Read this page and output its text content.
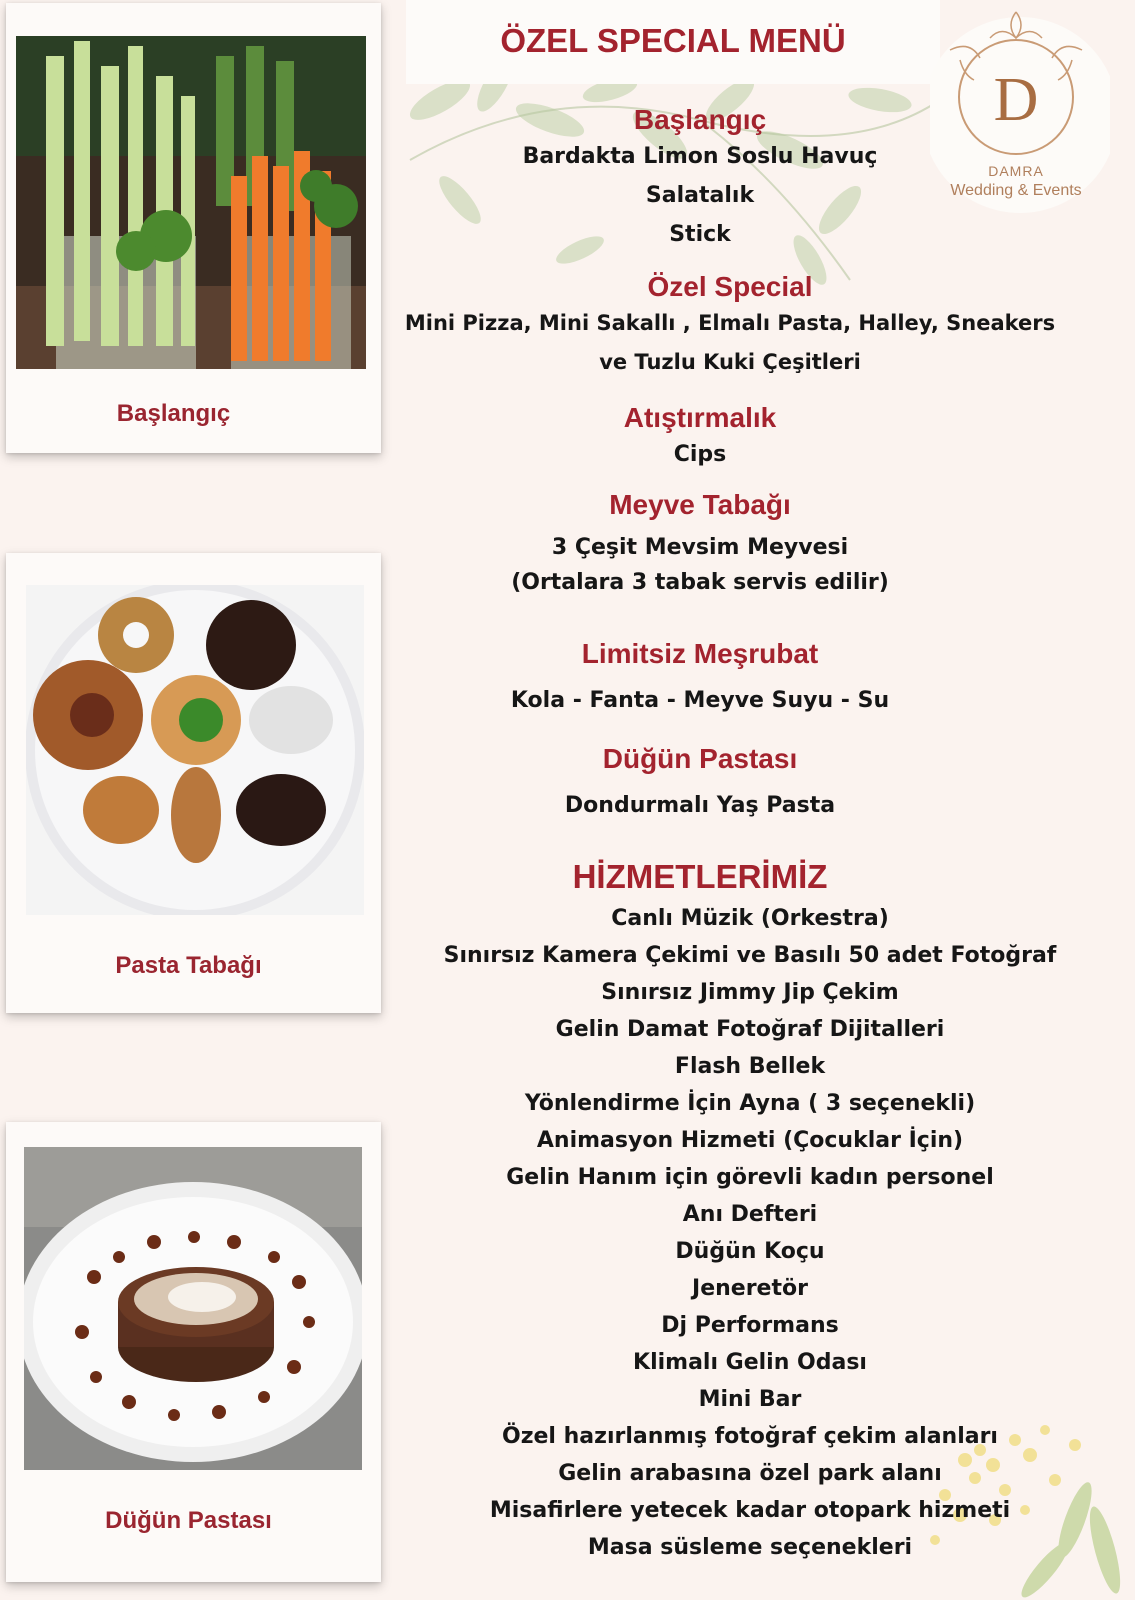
Başlangıç
Pasta Tabağı
Düğün Pastası
ÖZEL SPECIAL MENÜ
D
DAMRA
Wedding & Events
Başlangıç
Bardakta Limon Soslu Havuç
Salatalık
Stick
Özel Special
Mini Pizza, Mini Sakallı , Elmalı Pasta, Halley, Sneakers
ve Tuzlu Kuki Çeşitleri
Atıştırmalık
Cips
Meyve Tabağı
3 Çeşit Mevsim Meyvesi
(Ortalara 3 tabak servis edilir)
Limitsiz Meşrubat
Kola - Fanta - Meyve Suyu - Su
Düğün Pastası
Dondurmalı Yaş Pasta
HİZMETLERİMİZ
Canlı Müzik (Orkestra)
Sınırsız Kamera Çekimi ve Basılı 50 adet Fotoğraf
Sınırsız Jimmy Jip Çekim
Gelin Damat Fotoğraf Dijitalleri
Flash Bellek
Yönlendirme İçin Ayna ( 3 seçenekli)
Animasyon Hizmeti (Çocuklar İçin)
Gelin Hanım için görevli kadın personel
Anı Defteri
Düğün Koçu
Jeneretör
Dj Performans
Klimalı Gelin Odası
Mini Bar
Özel hazırlanmış fotoğraf çekim alanları
Gelin arabasına özel park alanı
Misafirlere yetecek kadar otopark hizmeti
Masa süsleme seçenekleri
